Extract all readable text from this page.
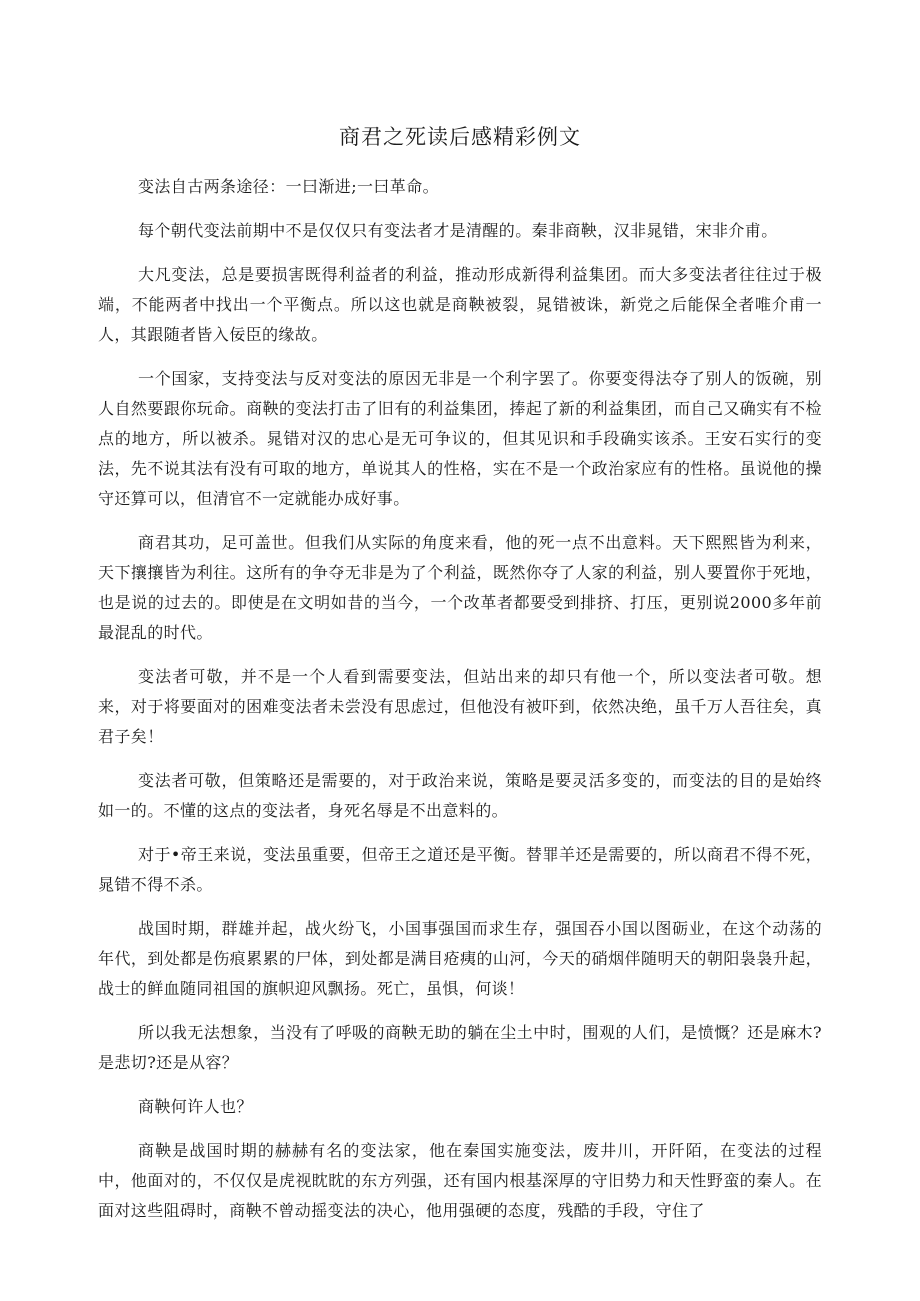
商君之死读后感精彩例文

变法自古两条途径：一曰渐进;一曰革命。

每个朝代变法前期中不是仅仅只有变法者才是清醒的。秦非商鞅，汉非晁错，宋非介甫。

大凡变法，总是要损害既得利益者的利益，推动形成新得利益集团。而大多变法者往往过于极端，不能两者中找出一个平衡点。所以这也就是商鞅被裂，晁错被诛，新党之后能保全者唯介甫一人，其跟随者皆入佞臣的缘故。

一个国家，支持变法与反对变法的原因无非是一个利字罢了。你要变得法夺了别人的饭碗，别人自然要跟你玩命。商鞅的变法打击了旧有的利益集团，捧起了新的利益集团，而自己又确实有不检点的地方，所以被杀。晁错对汉的忠心是无可争议的，但其见识和手段确实该杀。王安石实行的变法，先不说其法有没有可取的地方，单说其人的性格，实在不是一个政治家应有的性格。虽说他的操守还算可以，但清官不一定就能办成好事。

商君其功，足可盖世。但我们从实际的角度来看，他的死一点不出意料。天下熙熙皆为利来，天下攘攘皆为利往。这所有的争夺无非是为了个利益，既然你夺了人家的利益，别人要置你于死地，也是说的过去的。即使是在文明如昔的当今，一个改革者都要受到排挤、打压，更别说2000多年前最混乱的时代。

变法者可敬，并不是一个人看到需要变法，但站出来的却只有他一个，所以变法者可敬。想来，对于将要面对的困难变法者未尝没有思虑过，但他没有被吓到，依然决绝，虽千万人吾往矣，真君子矣！

变法者可敬，但策略还是需要的，对于政治来说，策略是要灵活多变的，而变法的目的是始终如一的。不懂的这点的变法者，身死名辱是不出意料的。

对于•帝王来说，变法虽重要，但帝王之道还是平衡。替罪羊还是需要的，所以商君不得不死，晁错不得不杀。

战国时期，群雄并起，战火纷飞，小国事强国而求生存，强国吞小国以图砺业，在这个动荡的年代，到处都是伤痕累累的尸体，到处都是满目疮痍的山河，今天的硝烟伴随明天的朝阳袅袅升起，战士的鲜血随同祖国的旗帜迎风飘扬。死亡，虽惧，何谈！

所以我无法想象，当没有了呼吸的商鞅无助的躺在尘土中时，围观的人们，是愤慨？还是麻木?是悲切?还是从容？

商鞅何许人也？

商鞅是战国时期的赫赫有名的变法家，他在秦国实施变法，废井川，开阡陌，在变法的过程中，他面对的，不仅仅是虎视眈眈的东方列强，还有国内根基深厚的守旧势力和天性野蛮的秦人。在面对这些阻碍时，商鞅不曾动摇变法的决心，他用强硬的态度，残酷的手段，守住了
